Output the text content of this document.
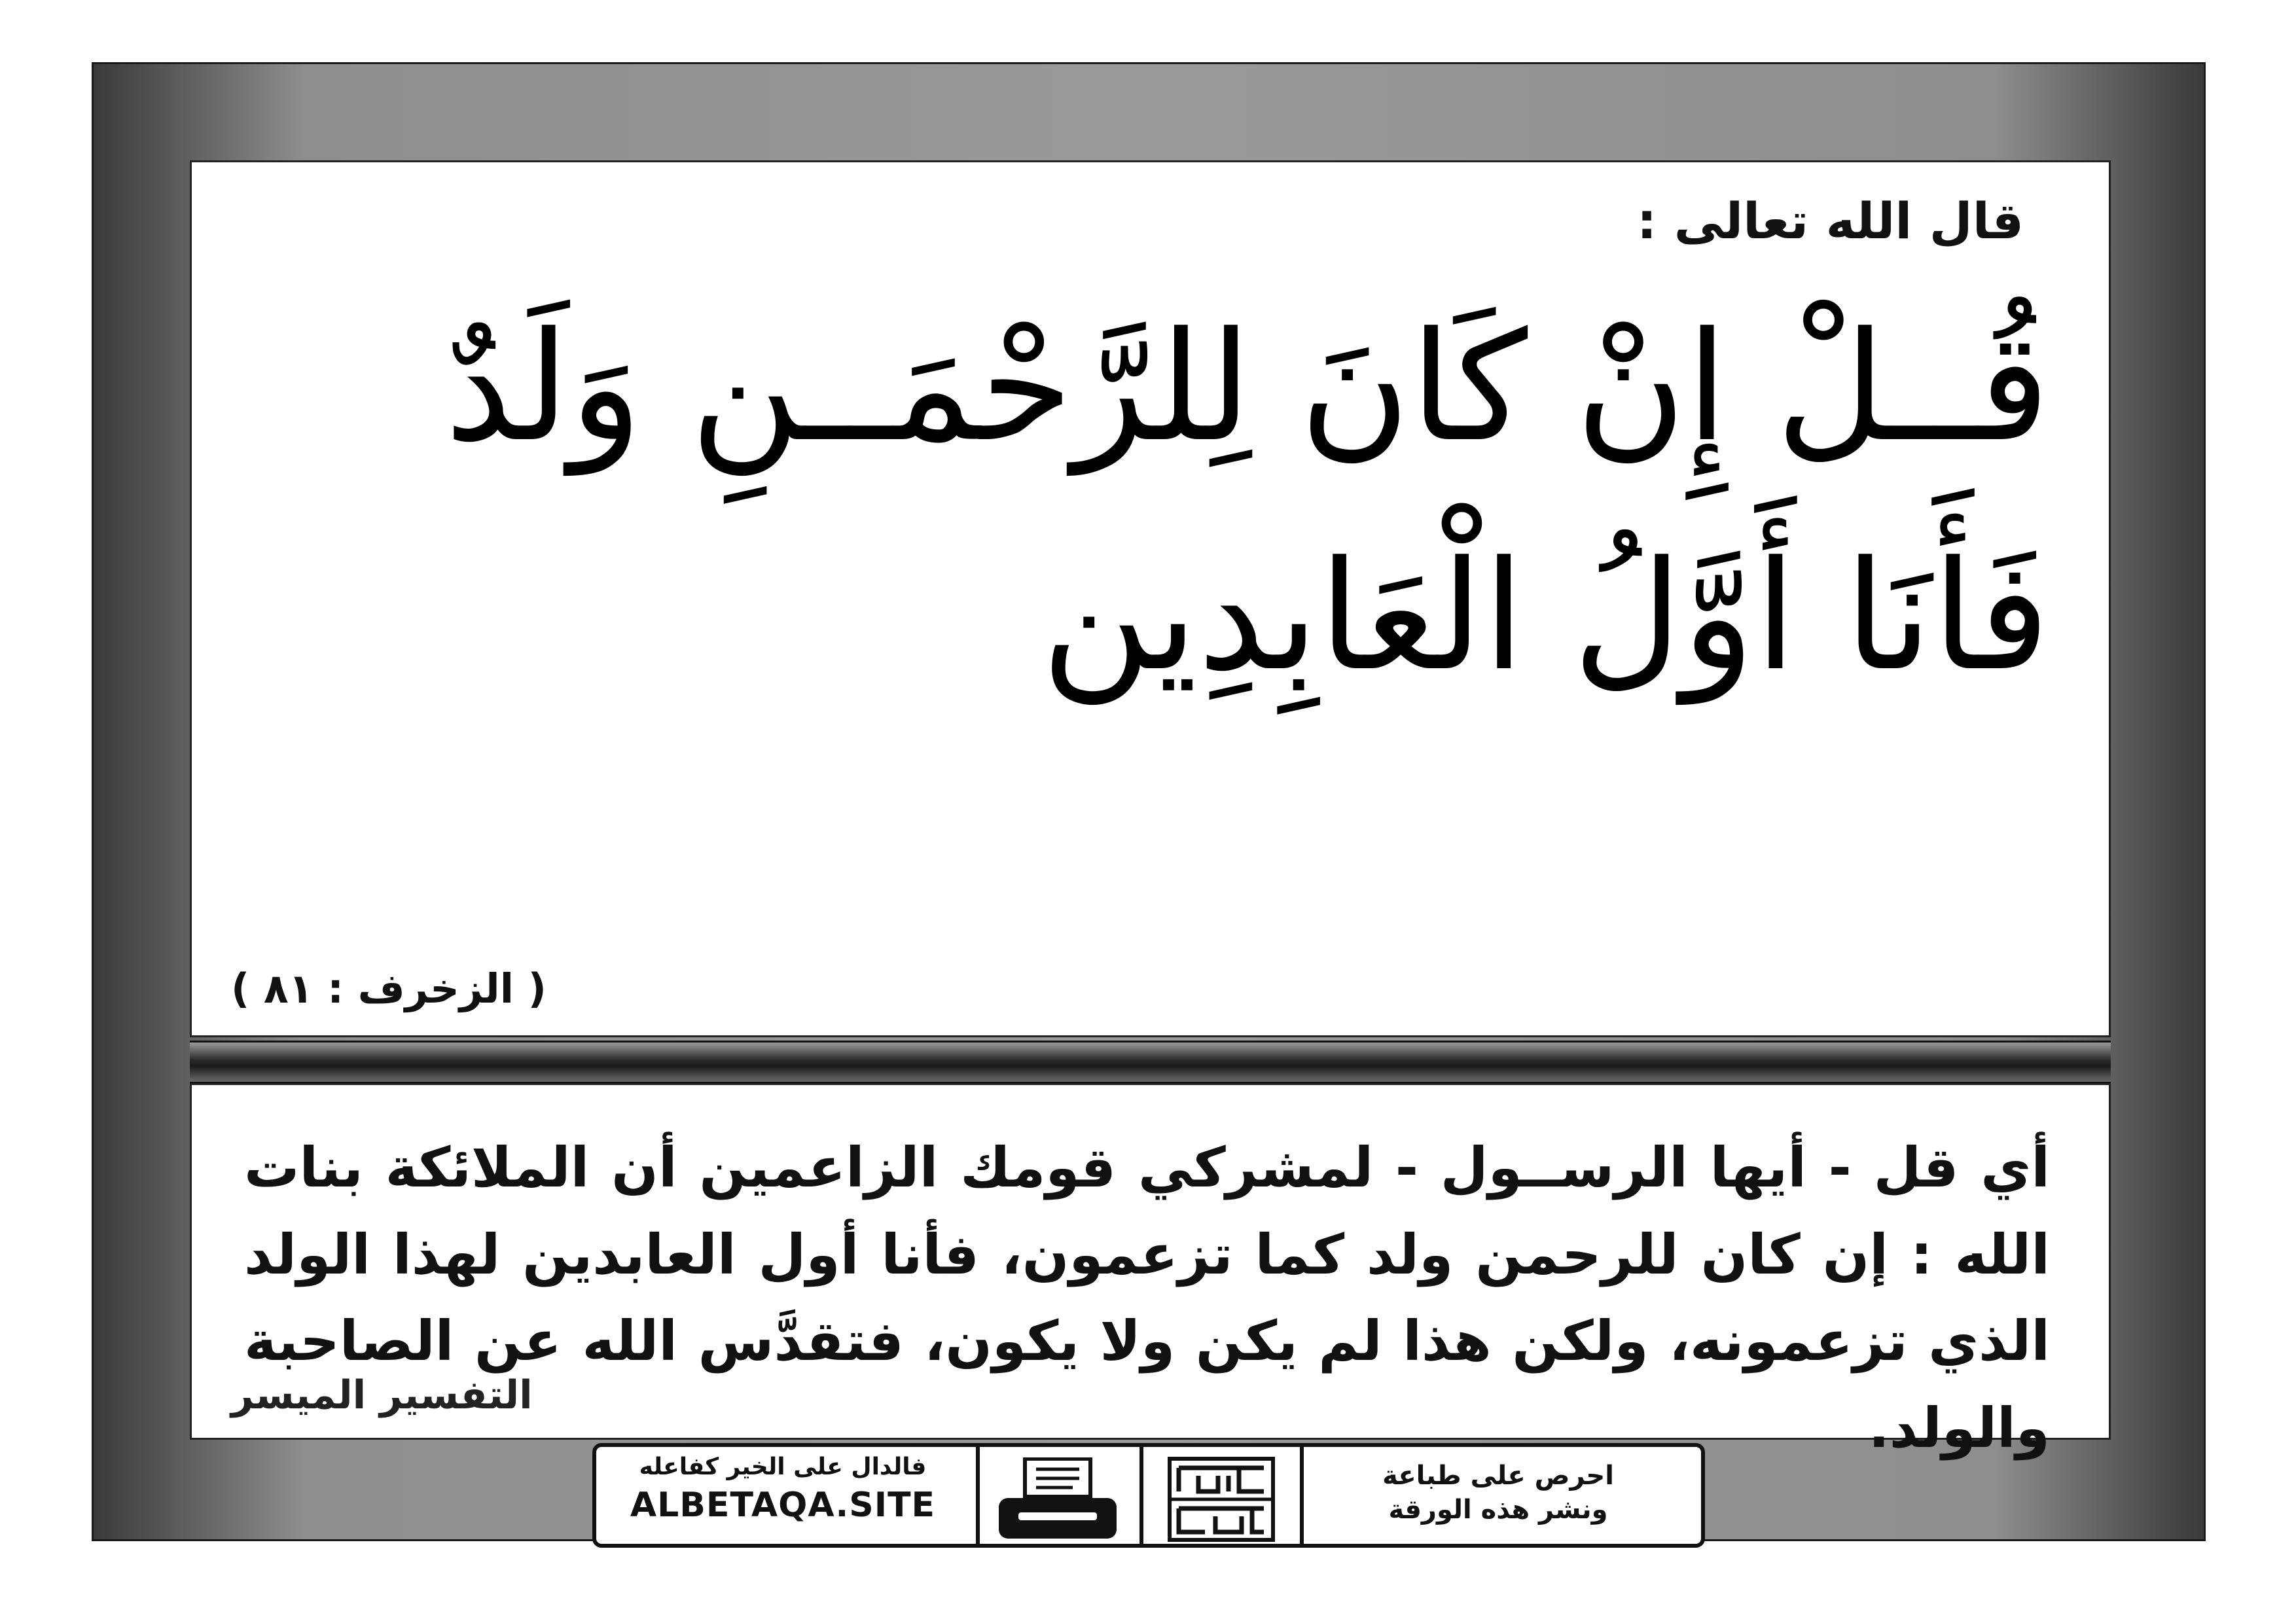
قال الله تعالى :
قُــلْ إِنْ كَانَ لِلرَّحْمَــنِ وَلَدٌ
فَأَنَا أَوَّلُ الْعَابِدِين
( الزخرف : ٨١ )
أي قل - أيها الرســول - لمشركي قومك الزاعمين أن الملائكة بنات الله : إن كان للرحمن ولد كما تزعمون، فأنا أول العابدين لهذا الولد الذي تزعمونه، ولكن هذا لم يكن ولا يكون، فتقدَّس الله عن الصاحبة والولد.
التفسير الميسر
فالدال على الخير كفاعله
ALBETAQA.SITE
احرص على طباعة
ونشر هذه الورقة
